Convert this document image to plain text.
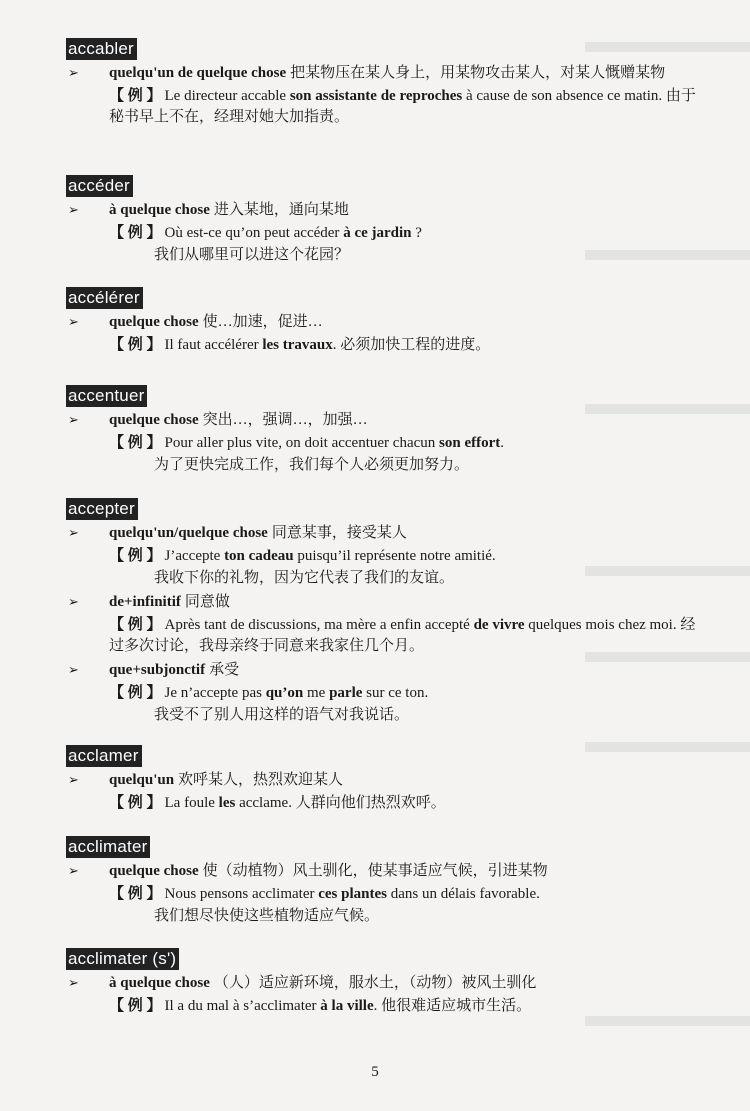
accabler
➢ quelqu'un de quelque chose 把某物压在某人身上，用某物攻击某人，对某人慨赠某物
【 例 】 Le directeur accable son assistante de reproches à cause de son absence ce matin. 由于秘书早上不在，经理对她大加指责。
accéder
➢ à quelque chose 进入某地，通向某地
【 例 】 Où est-ce qu’on peut accéder à ce jardin ?
我们从哪里可以进这个花园？
accélérer
➢ quelque chose 使…加速，促进…
【 例 】 Il faut accélérer les travaux. 必须加快工程的进度。
accentuer
➢ quelque chose 突出…，强调…，加强…
【 例 】 Pour aller plus vite, on doit accentuer chacun son effort.
为了更快完成工作，我们每个人必须更加努力。
accepter
➢ quelqu'un/quelque chose 同意某事，接受某人
【 例 】 J’accepte ton cadeau puisqu’il représente notre amitié.
我收下你的礼物，因为它代表了我们的友谊。
➢ de+infinitif 同意做
【 例 】 Après tant de discussions, ma mère a enfin accepté de vivre quelques mois chez moi. 经过多次讨论，我母亲终于同意来我家住几个月。
➢ que+subjonctif 承受
【 例 】 Je n’accepte pas qu’on me parle sur ce ton.
我受不了别人用这样的语气对我说话。
acclamer
➢ quelqu'un 欢呼某人，热烈欢迎某人
【 例 】 La foule les acclame. 人群向他们热烈欢呼。
acclimater
➢ quelque chose 使（动植物）风土驯化，使某事适应气候，引进某物
【 例 】 Nous pensons acclimater ces plantes dans un délais favorable.
我们想尽快使这些植物适应气候。
acclimater (s')
➢ à quelque chose （人）适应新环境，服水土，（动物）被风土驯化
【 例 】 Il a du mal à s’acclimater à la ville. 他很难适应城市生活。
5
